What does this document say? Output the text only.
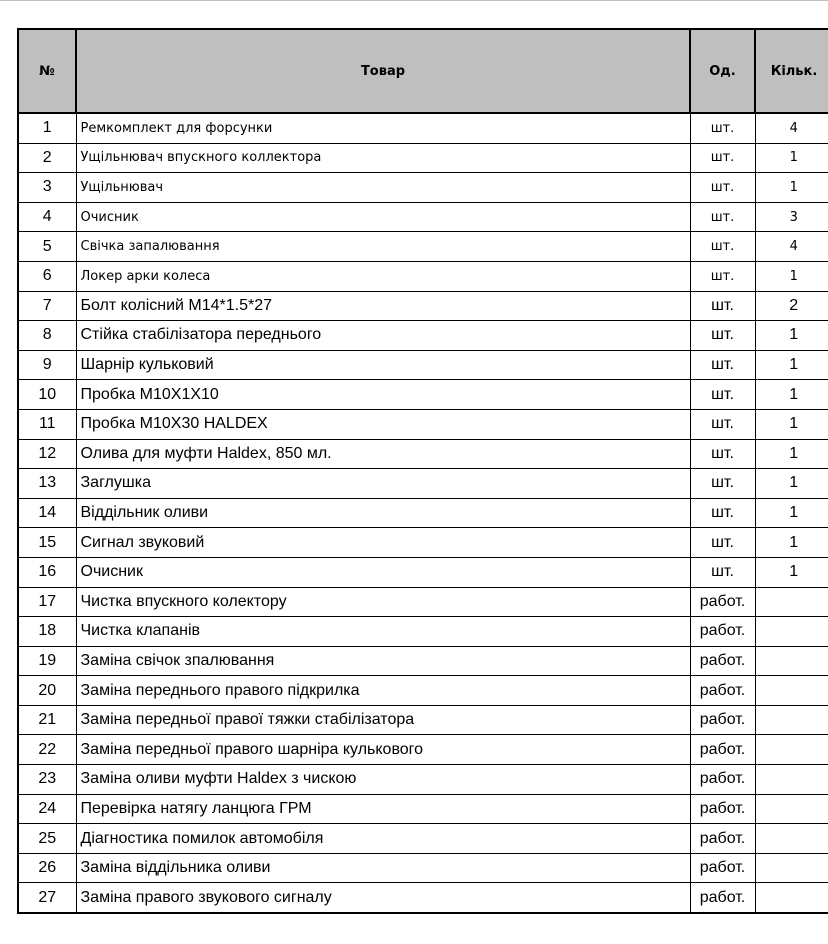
№	Товар	Од.	Кільк.
1	Ремкомплект для форсунки	шт.	4
2	Ущільнювач впускного коллектора	шт.	1
3	Ущільнювач	шт.	1
4	Очисник	шт.	3
5	Свічка запалювання	шт.	4
6	Локер арки колеса	шт.	1
7	Болт колісний M14*1.5*27	шт.	2
8	Стійка стабілізатора переднього	шт.	1
9	Шарнір кульковий	шт.	1
10	Пробка М10Х1Х10	шт.	1
11	Пробка М10Х30 HALDEX	шт.	1
12	Олива для муфти Haldex, 850 мл.	шт.	1
13	Заглушка	шт.	1
14	Віддільник оливи	шт.	1
15	Сигнал звуковий	шт.	1
16	Очисник	шт.	1
17	Чистка впускного колектору	работ.	
18	Чистка клапанів	работ.	
19	Заміна свічок зпалювання	работ.	
20	Заміна переднього правого підкрилка	работ.	
21	Заміна передньої правої тяжки стабілізатора	работ.	
22	Заміна передньої правого шарніра кулькового	работ.	
23	Заміна оливи муфти Haldex з чискою	работ.	
24	Перевірка натягу ланцюга ГРМ	работ.	
25	Діагностика помилок автомобіля	работ.	
26	Заміна віддільника оливи	работ.	
27	Заміна правого звукового сигналу	работ.	
